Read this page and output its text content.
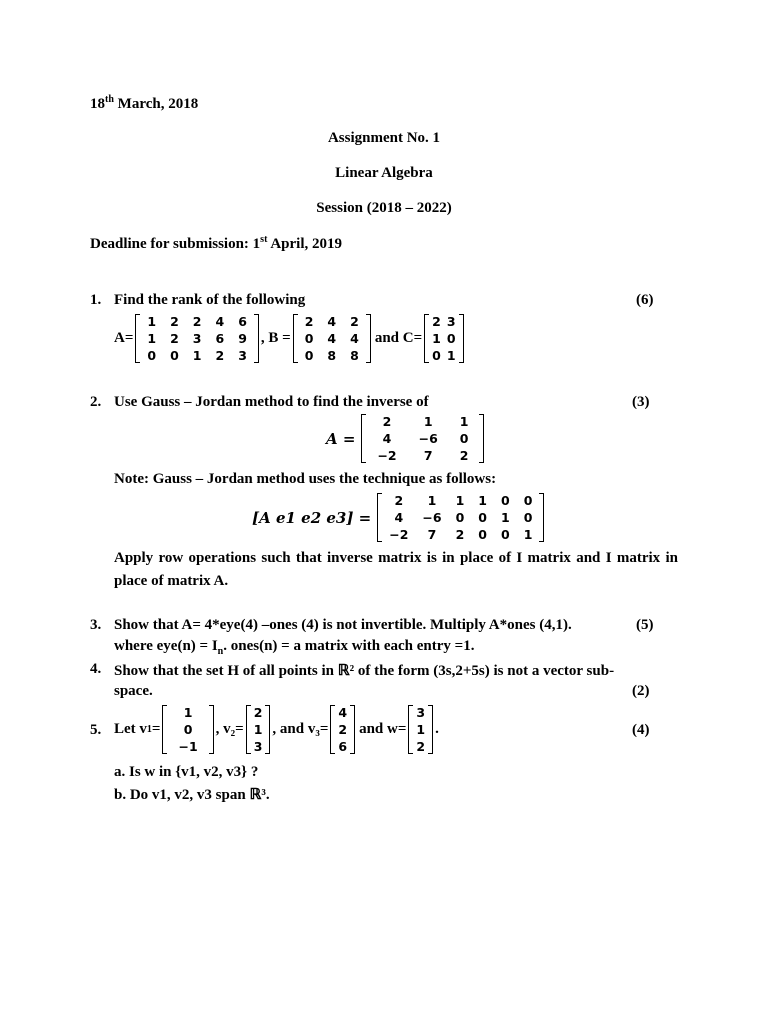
18th March, 2018
Assignment No. 1
Linear Algebra
Session (2018 – 2022)
Deadline for submission: 1st April, 2019
1. Find the rank of the following	(6)
A=
1	2	2	4	6
1	2	3	6	9
0	0	1	2	3
, B =
2	4	2
0	4	4
0	8	8
and C=
2	3
1	0
0	1
2. Use Gauss – Jordan method to find the inverse of	(3)
A =
2	1	1
4	−6	0
−2	7	2
Note: Gauss – Jordan method uses the technique as follows:
[A e1 e2 e3] =
2	1	1	1	0	0
4	−6	0	0	1	0
−2	7	2	0	0	1

Apply row operations such that inverse matrix is in place of I matrix and I matrix in place of matrix A.

3. Show that A= 4*eye(4) –ones (4) is not invertible. Multiply A*ones (4,1).	(5)
where $eye(n) = I_n$. ones(n) = a matrix with each entry =1.
4. Show that the set H of all points in ℝ² of the form (3s,2+5s) is not a vector sub-
space.	(2)
5. Let v 1 =
1
0
−1
, v₂=
2
1
3
, and v₃=
4
2
6
and w=
3
1
2
.	(4)
a. Is w in {v1, v2, v3} ?
b. Do v1, v2, v3 span ℝ³.
